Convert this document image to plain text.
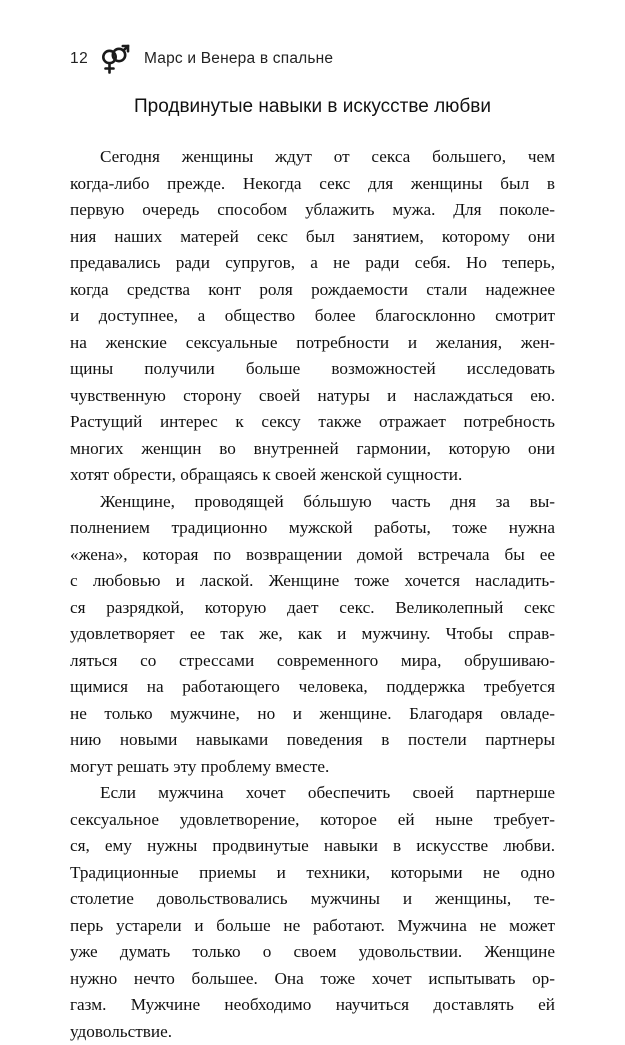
12	Марс и Венера в спальне
Продвинутые навыки в искусстве любви
Сегодня женщины ждут от секса большего, чем
когда-либо прежде. Некогда секс для женщины был в
первую очередь способом ублажить мужа. Для поколе-
ния наших матерей секс был занятием, которому они
предавались ради супругов, а не ради себя. Но теперь,
когда средства конт роля рождаемости стали надежнее
и доступнее, а общество более благосклонно смотрит
на женские сексуальные потребности и желания, жен-
щины получили больше возможностей исследовать
чувственную сторону своей натуры и наслаждаться ею.
Растущий интерес к сексу также отражает потребность
многих женщин во внутренней гармонии, которую они
хотят обрести, обращаясь к своей женской сущности.
Женщине, проводящей бóльшую часть дня за вы-
полнением традиционно мужской работы, тоже нужна
«жена», которая по возвращении домой встречала бы ее
с любовью и лаской. Женщине тоже хочется насладить-
ся разрядкой, которую дает секс. Великолепный секс
удовлетворяет ее так же, как и мужчину. Чтобы справ-
ляться со стрессами современного мира, обрушиваю-
щимися на работающего человека, поддержка требуется
не только мужчине, но и женщине. Благодаря овладе-
нию новыми навыками поведения в постели партнеры
могут решать эту проблему вместе.
Если мужчина хочет обеспечить своей партнерше
сексуальное удовлетворение, которое ей ныне требует-
ся, ему нужны продвинутые навыки в искусстве любви.
Традиционные приемы и техники, которыми не одно
столетие довольствовались мужчины и женщины, те-
перь устарели и больше не работают. Мужчина не может
уже думать только о своем удовольствии. Женщине
нужно нечто большее. Она тоже хочет испытывать ор-
газм. Мужчине необходимо научиться доставлять ей
удовольствие.
